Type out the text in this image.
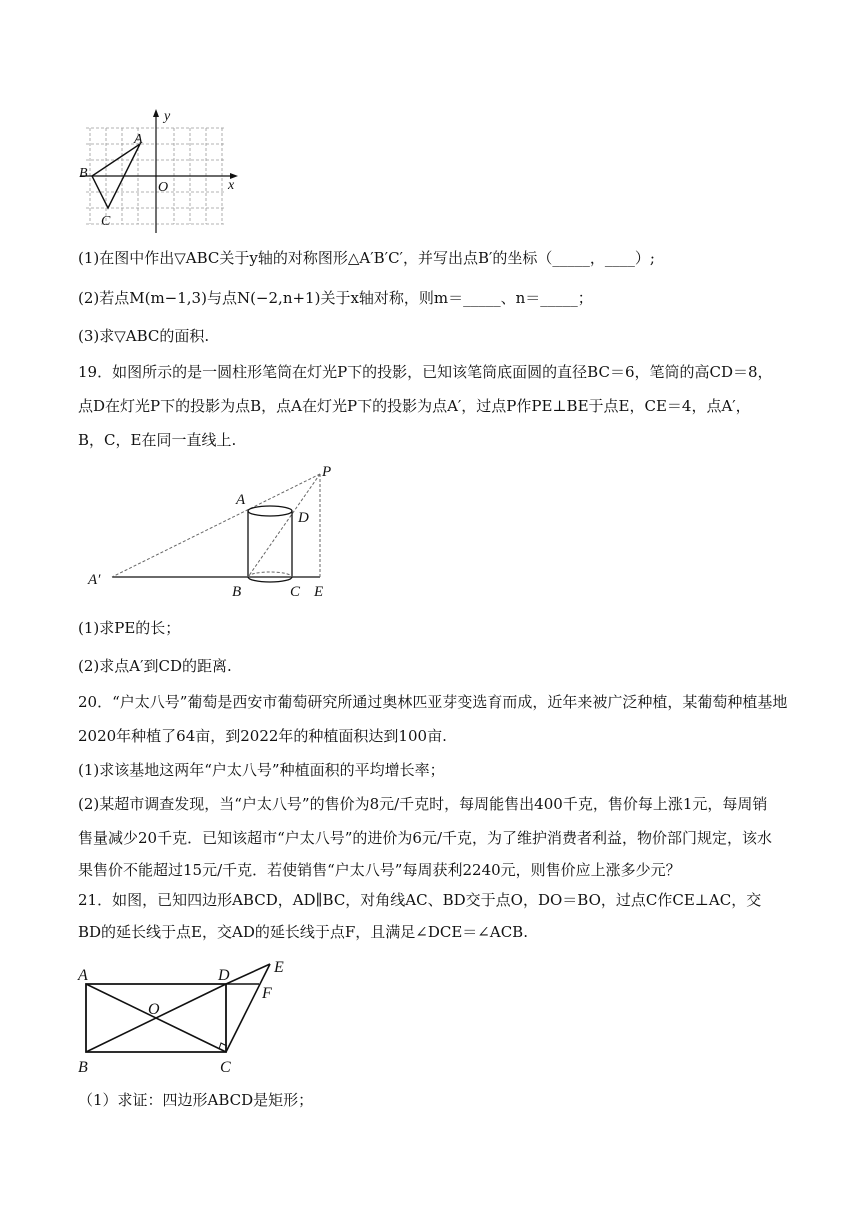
y
x
O
A
B
C
(1)在图中作出▽ABC关于y轴的对称图形△A′B′C′，并写出点B′的坐标（_____，____）;
(2)若点M(m−1,3)与点N(−2,n+1)关于x轴对称，则m＝_____、n＝_____；
(3)求▽ABC的面积.
19．如图所示的是一圆柱形笔筒在灯光P下的投影，已知该笔筒底面圆的直径BC＝6，笔筒的高CD＝8，
点D在灯光P下的投影为点B，点A在灯光P下的投影为点A′，过点P作PE⊥BE于点E，CE＝4，点A′，
B，C，E在同一直线上.
P
A
D
A′
B	C E
(1)求PE的长；
(2)求点A′到CD的距离.
20．“户太八号”葡萄是西安市葡萄研究所通过奥林匹亚芽变选育而成，近年来被广泛种植，某葡萄种植基地
2020年种植了64亩，到2022年的种植面积达到100亩.
(1)求该基地这两年“户太八号”种植面积的平均增长率；
(2)某超市调查发现，当“户太八号”的售价为8元/千克时，每周能售出400千克，售价每上涨1元，每周销
售量减少20千克．已知该超市“户太八号”的进价为6元/千克，为了维护消费者利益，物价部门规定，该水
果售价不能超过15元/千克．若使销售“户太八号”每周获利2240元，则售价应上涨多少元？
21．如图，已知四边形ABCD，AD∥BC，对角线AC、BD交于点O，DO＝BO，过点C作CE⊥AC，交
BD的延长线于点E，交AD的延长线于点F，且满足∠DCE＝∠ACB.
A	D	E
F
O
B	C
（1）求证：四边形ABCD是矩形；
